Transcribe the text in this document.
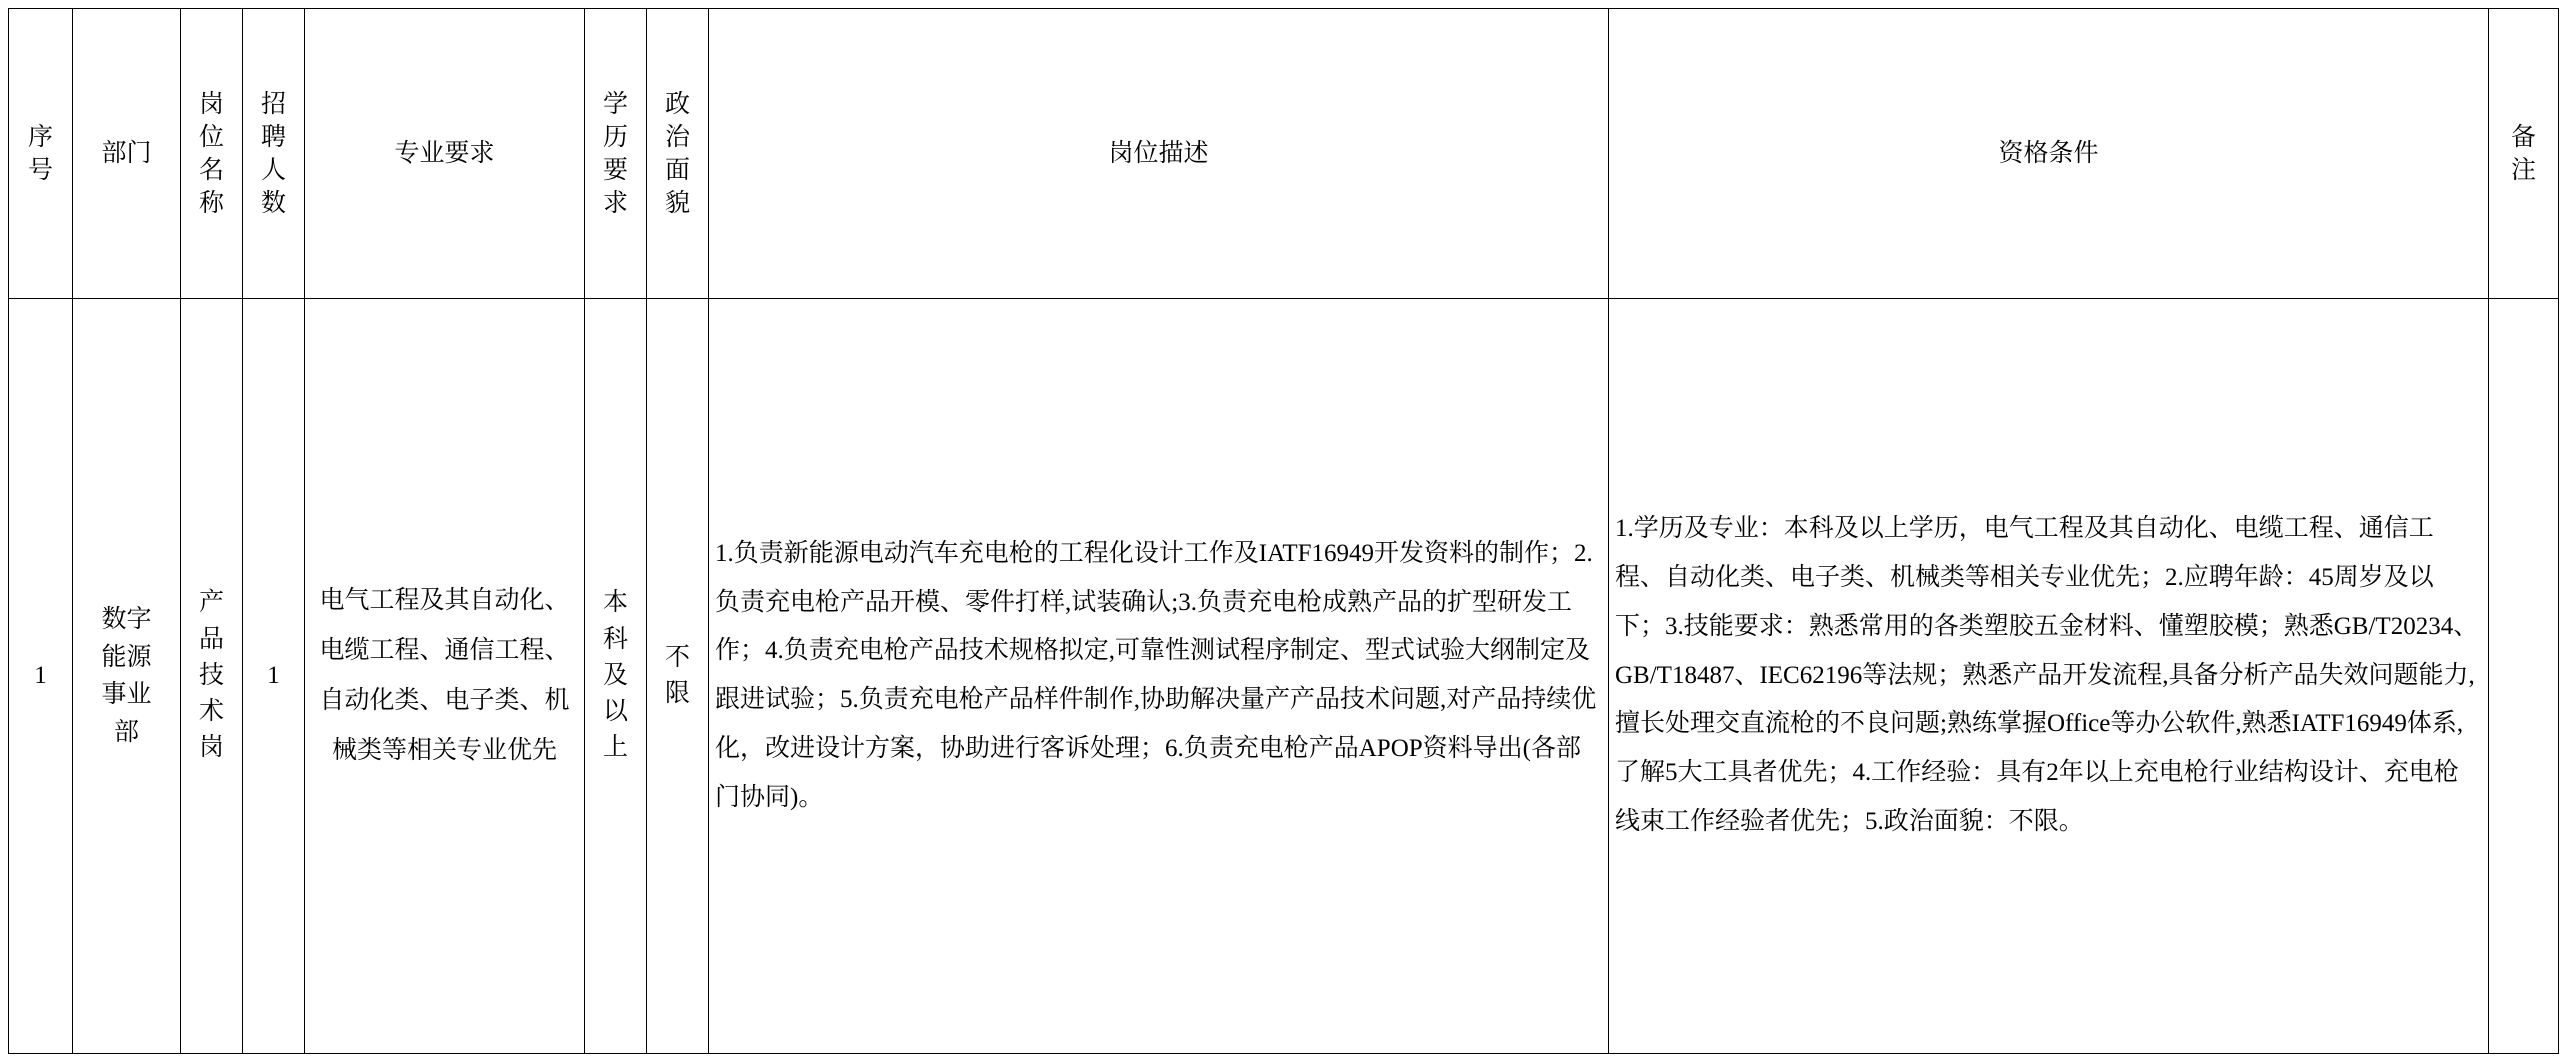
序号	部门	岗位名称	招聘人数	专业要求	学历要求	政治面貌	岗位描述	资格条件	备注

1	数字能源事业部	产品技术岗	1	电气工程及其自动化、电缆工程、通信工程、自动化类、电子类、机械类等相关专业优先	本科及以上	不限	1.负责新能源电动汽车充电枪的工程化设计工作及IATF16949开发资料的制作；2.负责充电枪产品开模、零件打样,试装确认;3.负责充电枪成熟产品的扩型研发工作；4.负责充电枪产品技术规格拟定,可靠性测试程序制定、型式试验大纲制定及跟进试验；5.负责充电枪产品样件制作,协助解决量产产品技术问题,对产品持续优化，改进设计方案，协助进行客诉处理；6.负责充电枪产品APOP资料导出(各部门协同)。	1.学历及专业：本科及以上学历，电气工程及其自动化、电缆工程、通信工程、自动化类、电子类、机械类等相关专业优先；2.应聘年龄：45周岁及以下；3.技能要求：熟悉常用的各类塑胶五金材料、懂塑胶模；熟悉GB/T20234、GB/T18487、IEC62196等法规；熟悉产品开发流程,具备分析产品失效问题能力,擅长处理交直流枪的不良问题;熟练掌握Office等办公软件,熟悉IATF16949体系,了解5大工具者优先；4.工作经验：具有2年以上充电枪行业结构设计、充电枪线束工作经验者优先；5.政治面貌：不限。	
